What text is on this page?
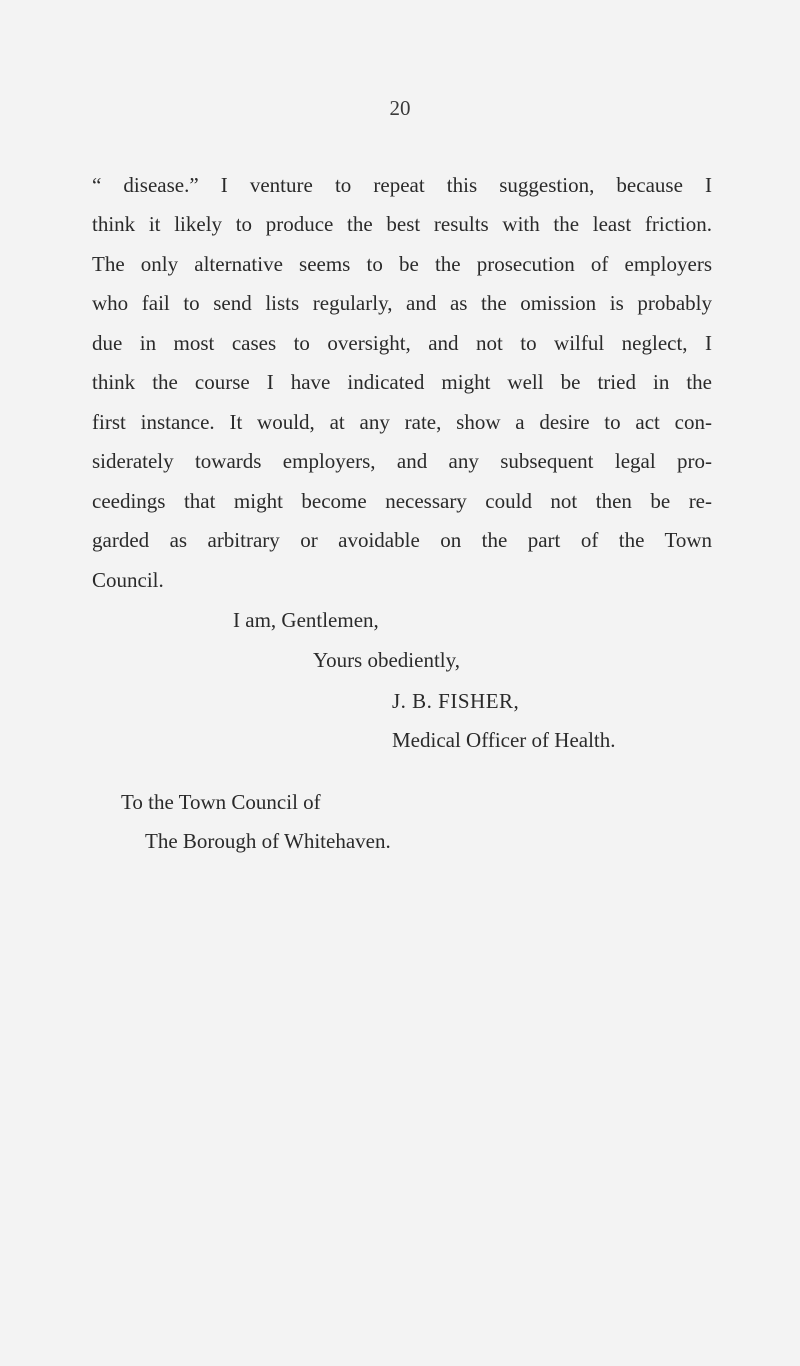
20
“ disease.” I venture to repeat this suggestion, because I
think it likely to produce the best results with the least friction.
The only alternative seems to be the prosecution of employers
who fail to send lists regularly, and as the omission is probably
due in most cases to oversight, and not to wilful neglect, I
think the course I have indicated might well be tried in the
first instance. It would, at any rate, show a desire to act con-
siderately towards employers, and any subsequent legal pro-
ceedings that might become necessary could not then be re-
garded as arbitrary or avoidable on the part of the Town
Council.
I am, Gentlemen,
Yours obediently,
J. B. FISHER,
Medical Officer of Health.
To the Town Council of
The Borough of Whitehaven.
